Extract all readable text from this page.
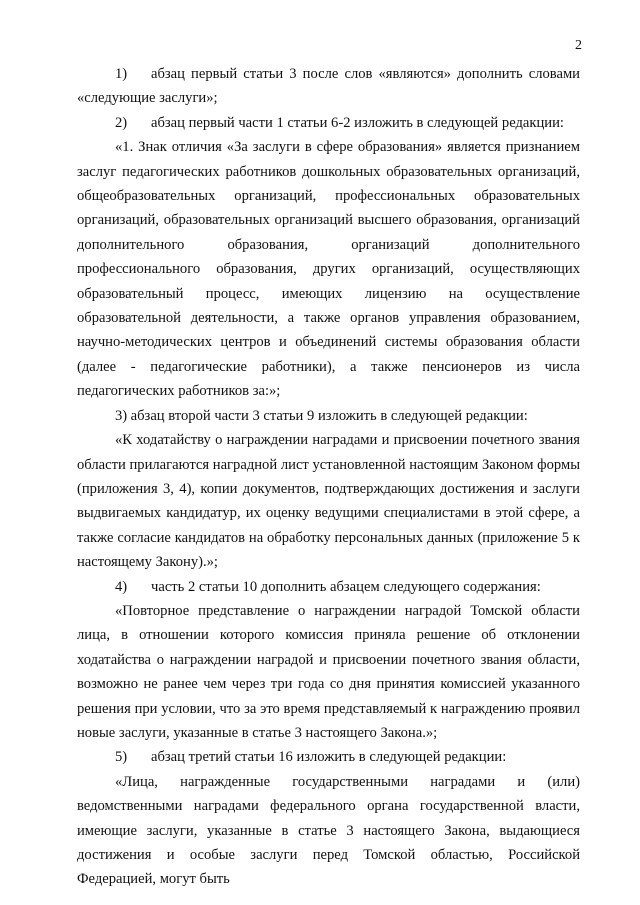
2

1) абзац первый статьи 3 после слов «являются» дополнить словами «следующие заслуги»;

2) абзац первый части 1 статьи 6-2 изложить в следующей редакции:

«1. Знак отличия «За заслуги в сфере образования» является признанием заслуг педагогических работников дошкольных образовательных организаций, общеобразовательных организаций, профессиональных образовательных организаций, образовательных организаций высшего образования, организаций дополнительного образования, организаций дополнительного профессионального образования, других организаций, осуществляющих образовательный процесс, имеющих лицензию на осуществление образовательной деятельности, а также органов управления образованием, научно-методических центров и объединений системы образования области (далее - педагогические работники), а также пенсионеров из числа педагогических работников за:»;

3) абзац второй части 3 статьи 9 изложить в следующей редакции:

«К ходатайству о награждении наградами и присвоении почетного звания области прилагаются наградной лист установленной настоящим Законом формы (приложения 3, 4), копии документов, подтверждающих достижения и заслуги выдвигаемых кандидатур, их оценку ведущими специалистами в этой сфере, а также согласие кандидатов на обработку персональных данных (приложение 5 к настоящему Закону).»;

4) часть 2 статьи 10 дополнить абзацем следующего содержания:

«Повторное представление о награждении наградой Томской области лица, в отношении которого комиссия приняла решение об отклонении ходатайства о награждении наградой и присвоении почетного звания области, возможно не ранее чем через три года со дня принятия комиссией указанного решения при условии, что за это время представляемый к награждению проявил новые заслуги, указанные в статье 3 настоящего Закона.»;

5) абзац третий статьи 16 изложить в следующей редакции:

«Лица, награжденные государственными наградами и (или) ведомственными наградами федерального органа государственной власти, имеющие заслуги, указанные в статье 3 настоящего Закона, выдающиеся достижения и особые заслуги перед Томской областью, Российской Федерацией, могут быть
